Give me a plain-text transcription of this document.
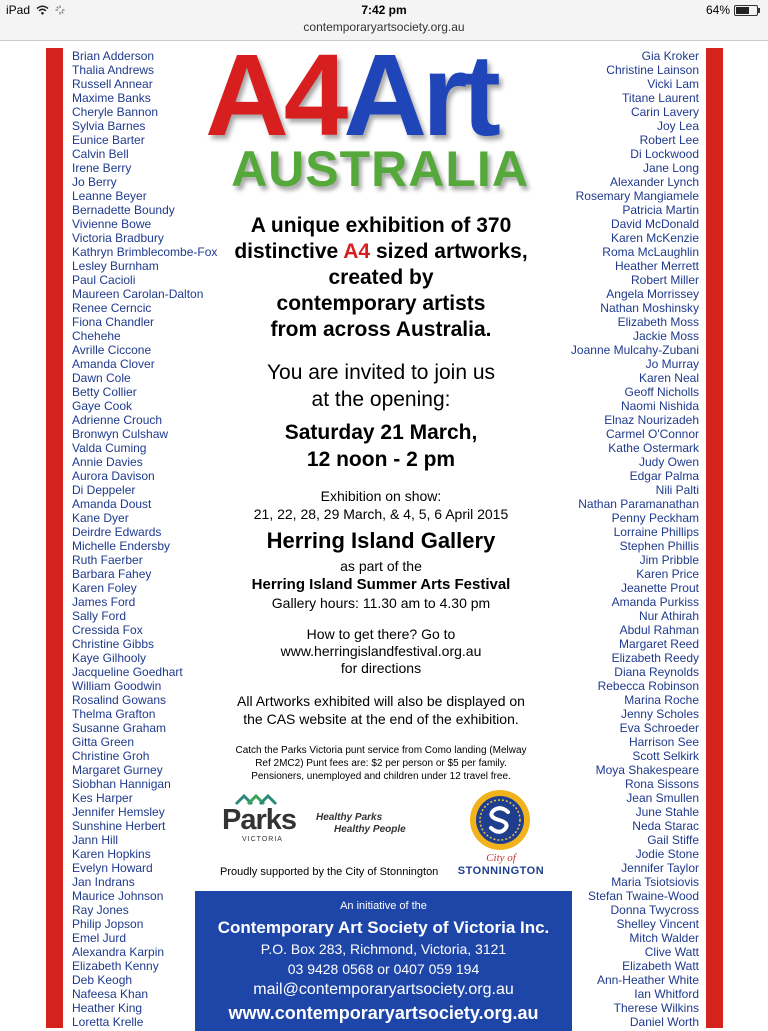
iPad	7:42 pm	64%
contemporaryartsociety.org.au
Brian Adderson
Thalia Andrews
Russell Annear
Maxime Banks
Cheryle Bannon
Sylvia Barnes
Eunice Barter
Calvin Bell
Irene Berry
Jo Berry
Leanne Beyer
Bernadette Boundy
Vivienne Bowe
Victoria Bradbury
Kathryn Brimblecombe-Fox
Lesley Burnham
Paul Cacioli
Maureen Carolan-Dalton
Renee Cerncic
Fiona Chandler
Chehehe
Avrille Ciccone
Amanda Clover
Dawn Cole
Betty Collier
Gaye Cook
Adrienne Crouch
Bronwyn Culshaw
Valda Cuming
Annie Davies
Aurora Davison
Di Deppeler
Amanda Doust
Kane Dyer
Deirdre Edwards
Michelle Endersby
Ruth Faerber
Barbara Fahey
Karen Foley
James Ford
Sally Ford
Cressida Fox
Christine Gibbs
Kaye Gilhooly
Jacqueline Goedhart
William Goodwin
Rosalind Gowans
Thelma Grafton
Susanne Graham
Gitta Green
Christine Groh
Margaret Gurney
Siobhan Hannigan
Kes Harper
Jennifer Hemsley
Sunshine Herbert
Jann Hill
Karen Hopkins
Evelyn Howard
Jan Indrans
Maurice Johnson
Ray Jones
Philip Jopson
Emel Jurd
Alexandra Karpin
Elizabeth Kenny
Deb Keogh
Nafeesa Khan
Heather King
Loretta Krelle
Gia Kroker
Christine Lainson
Vicki Lam
Titane Laurent
Carin Lavery
Joy Lea
Robert Lee
Di Lockwood
Jane Long
Alexander Lynch
Rosemary Mangiamele
Patricia Martin
David McDonald
Karen McKenzie
Roma McLaughlin
Heather Merrett
Robert Miller
Angela Morrissey
Nathan Moshinsky
Elizabeth Moss
Jackie Moss
Joanne Mulcahy-Zubani
Jo Murray
Karen Neal
Geoff Nicholls
Naomi Nishida
Elnaz Nourizadeh
Carmel O'Connor
Kathe Ostermark
Judy Owen
Edgar Palma
Nili Palti
Nathan Paramanathan
Penny Peckham
Lorraine Phillips
Stephen Phillis
Jim Pribble
Karen Price
Jeanette Prout
Amanda Purkiss
Nur Athirah
Abdul Rahman
Margaret Reed
Elizabeth Reedy
Diana Reynolds
Rebecca Robinson
Marina Roche
Jenny Scholes
Eva Schroeder
Harrison See
Scott Selkirk
Moya Shakespeare
Rona Sissons
Jean Smullen
June Stahle
Neda Starac
Gail Stiffe
Jodie Stone
Jennifer Taylor
Maria Tsiotsiovis
Stefan Twaine-Wood
Donna Twycross
Shelley Vincent
Mitch Walder
Clive Watt
Elizabeth Watt
Ann-Heather White
Ian Whitford
Therese Wilkins
Daniel Worth
A4Art
AUSTRALIA
A unique exhibition of 370
distinctive A4 sized artworks,
created by
contemporary artists
from across Australia.
You are invited to join us
at the opening:
Saturday 21 March,
12 noon - 2 pm
Exhibition on show:
21, 22, 28, 29 March, & 4, 5, 6 April 2015
Herring Island Gallery
as part of the
Herring Island Summer Arts Festival
Gallery hours: 11.30 am to 4.30 pm
How to get there? Go to
www.herringislandfestival.org.au
for directions
All Artworks exhibited will also be displayed on
the CAS website at the end of the exhibition.
Catch the Parks Victoria punt service from Como landing (Melway
Ref 2MC2) Punt fees are: $2 per person or $5 per family.
Pensioners, unemployed and children under 12 travel free.
Parks
VICTORIA
Healthy Parks
Healthy People
City of
STONNINGTON
Proudly supported by the City of Stonnington
An initiative of the
Contemporary Art Society of Victoria Inc.
P.O. Box 283, Richmond, Victoria, 3121
03 9428 0568 or 0407 059 194
mail@contemporaryartsociety.org.au
www.contemporaryartsociety.org.au
